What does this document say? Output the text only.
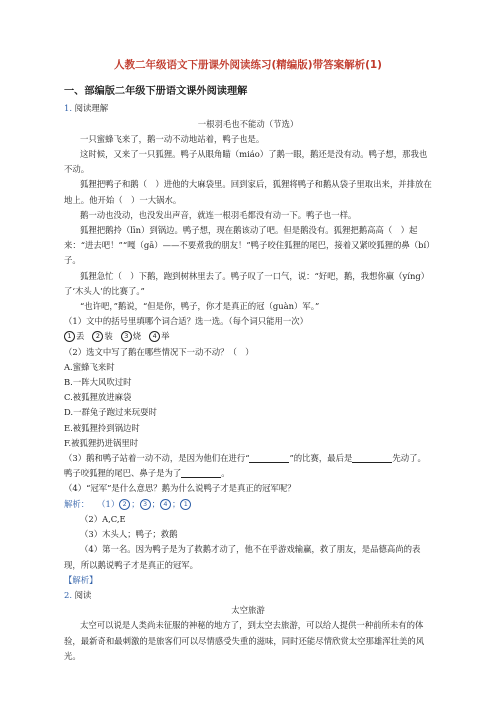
人教二年级语文下册课外阅读练习(精编版)带答案解析(1)
一、部编版二年级下册语文课外阅读理解

1. 阅读理解

一根羽毛也不能动（节选）

一只蜜蜂飞来了，鹅一动不动地站着，鸭子也是。

这时候，又来了一只狐狸。鸭子从眼角瞄（miáo）了鹅一眼，鹅还是没有动。鸭子想，那我也不动。

狐狸把鸭子和鹅（　）进他的大麻袋里。回到家后，狐狸将鸭子和鹅从袋子里取出来，并排放在地上。他开始（　）一大锅水。

鹅一动也没动，也没发出声音，就连一根羽毛都没有动一下。鸭子也一样。

狐狸把鹅拎（līn）到锅边。鸭子想，现在鹅该动了吧。但是鹅没有。狐狸把鹅高高（　）起来：“进去吧！”“嘎（gā）——不要煮我的朋友！”鸭子咬住狐狸的尾巴，接着又紧咬狐狸的鼻（bí）子。

狐狸急忙（　）下鹅，跑到树林里去了。鸭子叹了一口气，说：“好吧，鹅，我想你赢（yíng）了‘木头人’的比赛了。”

“也许吧，”鹅说，“但是你，鸭子，你才是真正的冠（guàn）军。”

（1）文中的括号里填哪个词合适？选一选。（每个词只能用一次）

1 丢 2 装 3 烧 4 举

（2）选文中写了鹅在哪些情况下一动不动？（　）

A.蜜蜂飞来时

B.一阵大风吹过时

C.被狐狸放进麻袋

D.一群兔子跑过来玩耍时

E.被狐狸拎到锅边时

F.被狐狸扔进锅里时

（3）鹅和鸭子站着一动不动，是因为他们在进行“	”的比赛，最后是	先动了。鸭子咬狐狸的尾巴、鼻子是为了	。

（4）“冠军”是什么意思？鹅为什么说鸭子才是真正的冠军呢？

解析： （1） 2 ； 3 ； 4 ； 1

（2）A,C,E

（3）木头人；鸭子；救鹅

（4）第一名。因为鸭子是为了救鹅才动了，他不在乎游戏输赢，救了朋友，是品德高尚的表现，所以鹅说鸭子才是真正的冠军。

【解析】

2. 阅读

太空旅游

太空可以说是人类尚未征服的神秘的地方了，到太空去旅游，可以给人提供一种前所未有的体验，最新奇和最刺激的是旅客们可以尽情感受失重的滋味，同时还能尽情欣赏太空那雄浑壮美的风光。
